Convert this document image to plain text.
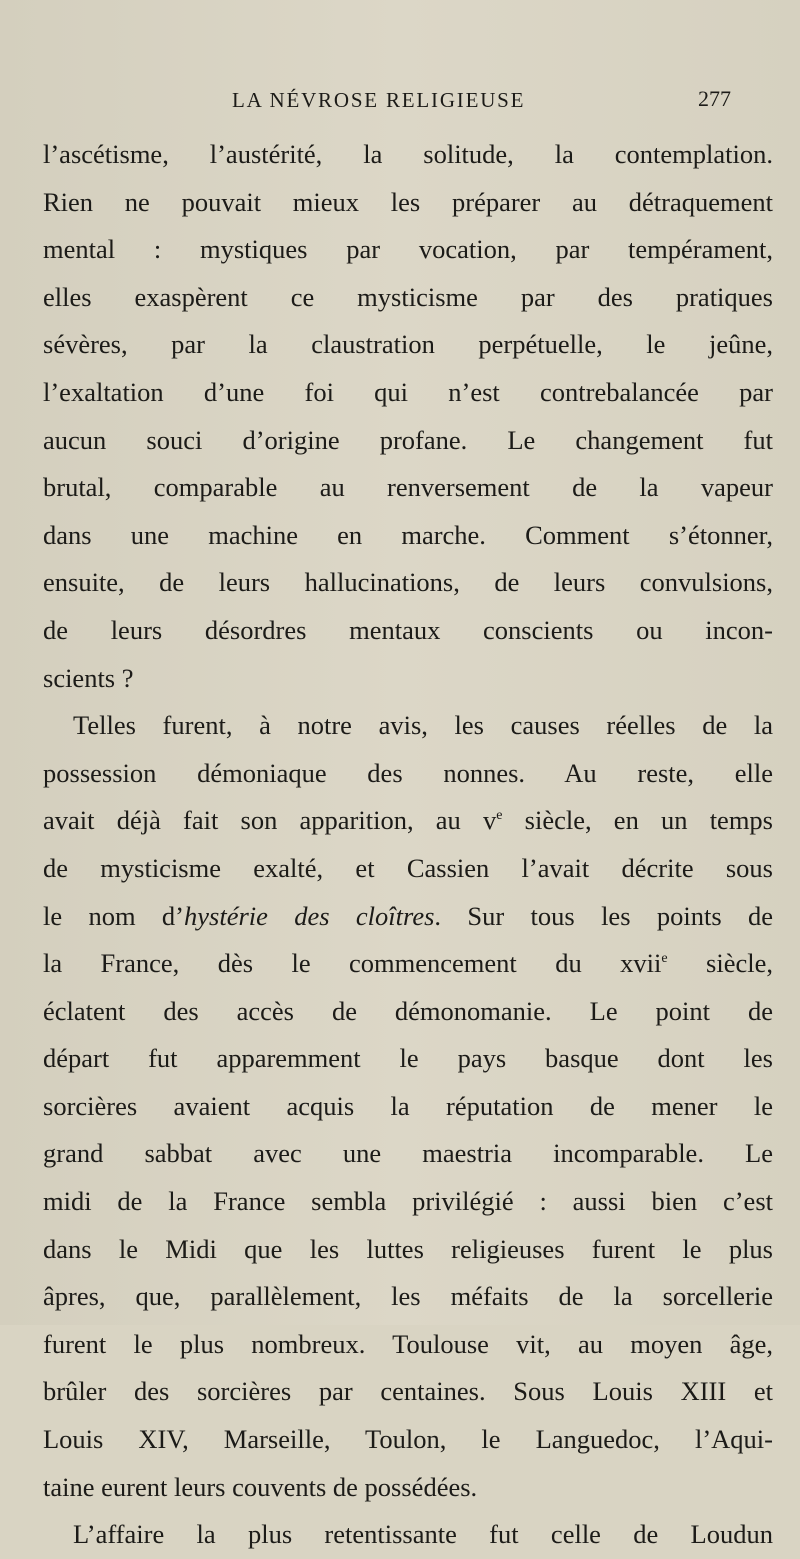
LA NÉVROSE RELIGIEUSE	277
l’ascétisme, l’austérité, la solitude, la contemplation.
Rien ne pouvait mieux les préparer au détraquement
mental : mystiques par vocation, par tempérament,
elles exaspèrent ce mysticisme par des pratiques
sévères, par la claustration perpétuelle, le jeûne,
l’exaltation d’une foi qui n’est contrebalancée par
aucun souci d’origine profane. Le changement fut
brutal, comparable au renversement de la vapeur
dans une machine en marche. Comment s’étonner,
ensuite, de leurs hallucinations, de leurs convulsions,
de leurs désordres mentaux conscients ou incon-
scients ?
Telles furent, à notre avis, les causes réelles de la
possession démoniaque des nonnes. Au reste, elle
avait déjà fait son apparition, au $v^e$ siècle, en un temps
de mysticisme exalté, et Cassien l’avait décrite sous
le nom d’hystérie des cloîtres. Sur tous les points de
la France, dès le commencement du xvii$^e$ siècle,
éclatent des accès de démonomanie. Le point de
départ fut apparemment le pays basque dont les
sorcières avaient acquis la réputation de mener le
grand sabbat avec une maestria incomparable. Le
midi de la France sembla privilégié : aussi bien c’est
dans le Midi que les luttes religieuses furent le plus
âpres, que, parallèlement, les méfaits de la sorcellerie
furent le plus nombreux. Toulouse vit, au moyen âge,
brûler des sorcières par centaines. Sous Louis XIII et
Louis XIV, Marseille, Toulon, le Languedoc, l’Aqui-
taine eurent leurs couvents de possédées.
L’affaire la plus retentissante fut celle de Loudun
